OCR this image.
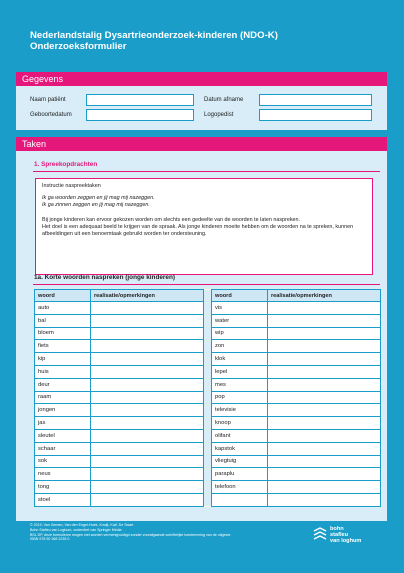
Nederlandstalig Dysartrieonderzoek-kinderen (NDO-K)
Onderzoeksformulier
Gegevens
Naam patiënt
Geboortedatum
Datum afname
Logopedist
Taken
1. Spreekopdrachten
Instructie naspreektaken
Ik ga woorden zeggen en jij mag mij nazeggen.
Ik ga zinnen zeggen en jij mag mij nazeggen.
Bij jonge kinderen kan ervoor gekozen worden om slechts een gedeelte van de woorden te laten naspreken.
Het doel is een adequaat beeld te krijgen van de spraak. Als jonge kinderen moeite hebben om de woorden na te spreken, kunnen afbeeldingen uit een benoemtaak gebruikt worden ter ondersteuning.
1a. Korte woorden naspreken (jonge kinderen)
woord	realisatie/opmerkingen		woord	realisatie/opmerkingen
auto			vis	
bal			water	
bloem			wip	
fiets			zon	
kip			klok	
huis			lepel	
deur			mes	
raam			pop	
jongen			televisie	
jas			knoop	
sleutel			olifant	
schaar			kapstok	
sok			vliegtuig	
neus			paraplu	
tong			telefoon	
stoel				
© 2019, Van Gemen, Van den Engel-Hoek, Knuijt, Kalf, De Swart
Bohn Stafleu van Loghum, onderdeel van Springer Media
BSL DP, deze formulieren mogen niet worden vermenigvuldigd zonder voorafgaande schriftelijke toestemming van de uitgever.
ISBN 978 90 368 2235 0
bohn
stafleu
van loghum
